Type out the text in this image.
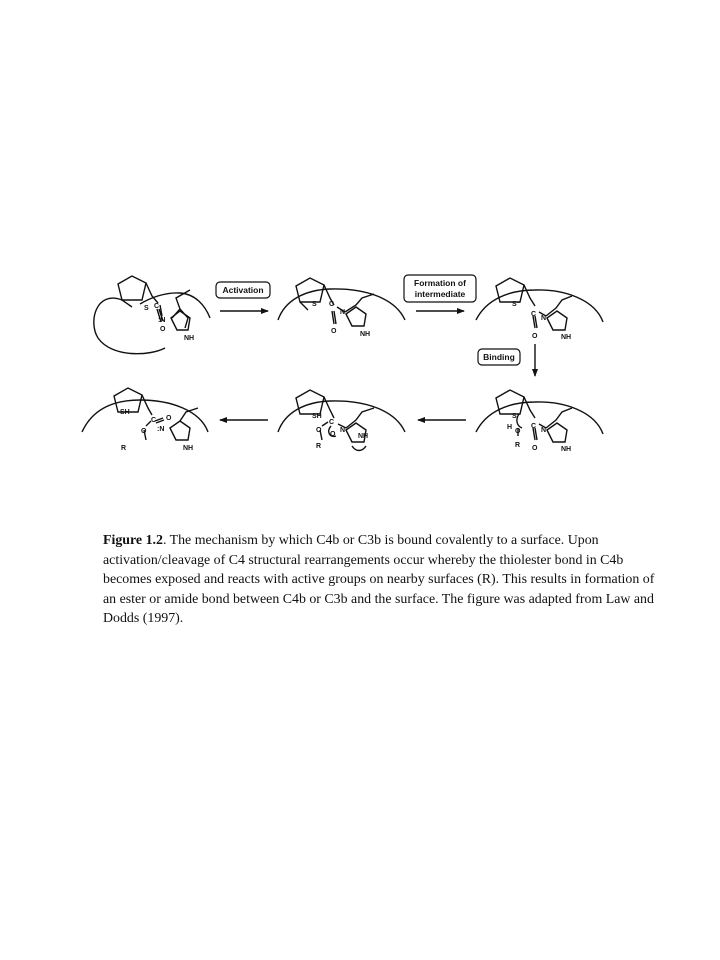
S C
O
:N
NH
Activation
S C
O
N
NH
Formation of
intermediate
S⁻
C
O
N
NH
Binding
S
H
O
R
C
O
N
NH
SH
C
O
O
R
N
NH
SH
C O
O
R
:N
NH

Figure 1.2. The mechanism by which C4b or C3b is bound covalently to a surface. Upon activation/cleavage of C4 structural rearrangements occur whereby the thiolester bond in C4b becomes exposed and reacts with active groups on nearby surfaces (R). This results in formation of an ester or amide bond between C4b or C3b and the surface. The figure was adapted from Law and Dodds (1997).
